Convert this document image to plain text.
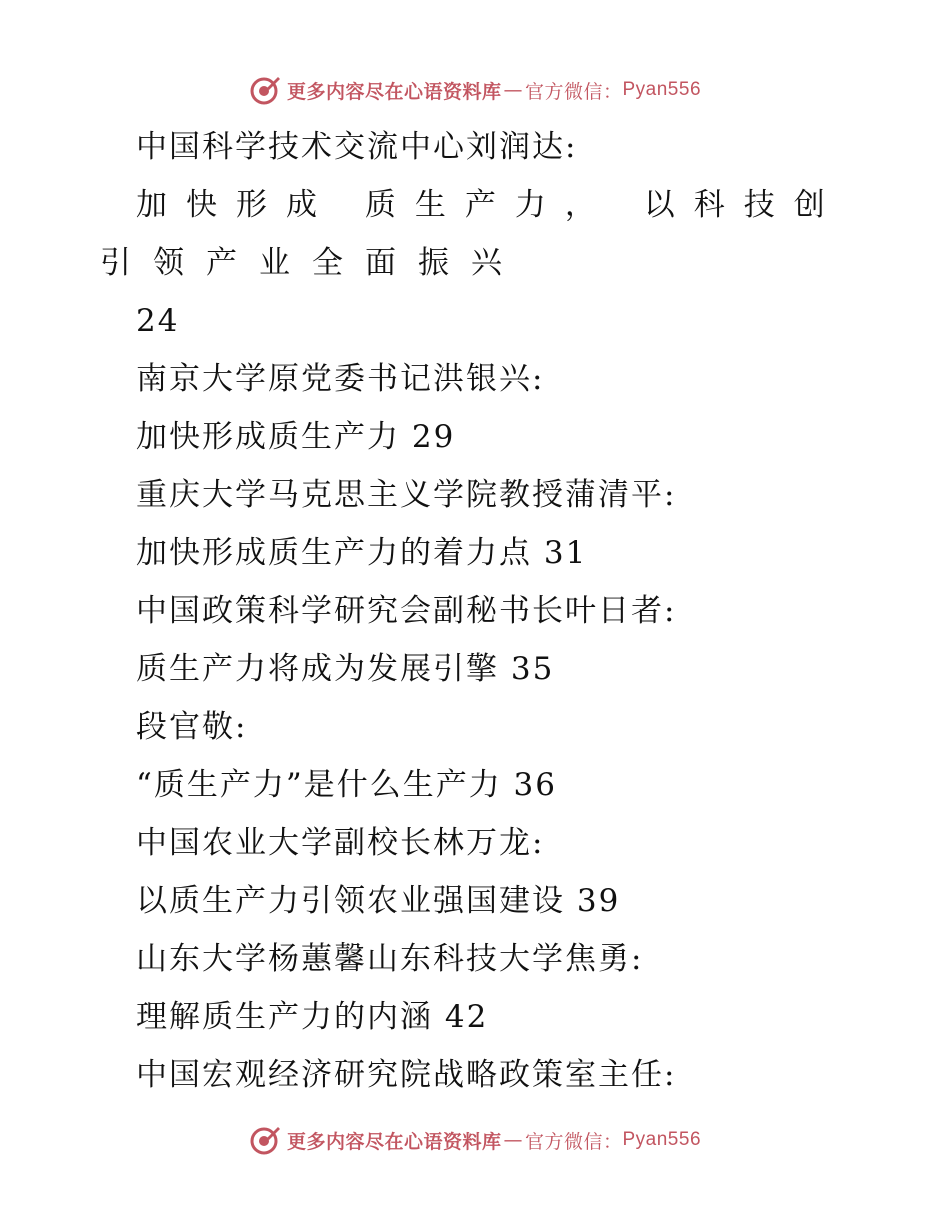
更多内容尽在心语资料库 — 官方微信： Pyan556
中国科学技术交流中心刘润达:
加快形成 质生产力， 以科技创
引领产业全面振兴
24
南京大学原党委书记洪银兴:
加快形成质生产力 29
重庆大学马克思主义学院教授蒲清平:
加快形成质生产力的着力点 31
中国政策科学研究会副秘书长叶日者:
质生产力将成为发展引擎 35
段官敬:
“质生产力”是什么生产力 36
中国农业大学副校长林万龙:
以质生产力引领农业强国建设 39
山东大学杨蕙馨山东科技大学焦勇:
理解质生产力的内涵 42
中国宏观经济研究院战略政策室主任:
更多内容尽在心语资料库 — 官方微信： Pyan556
